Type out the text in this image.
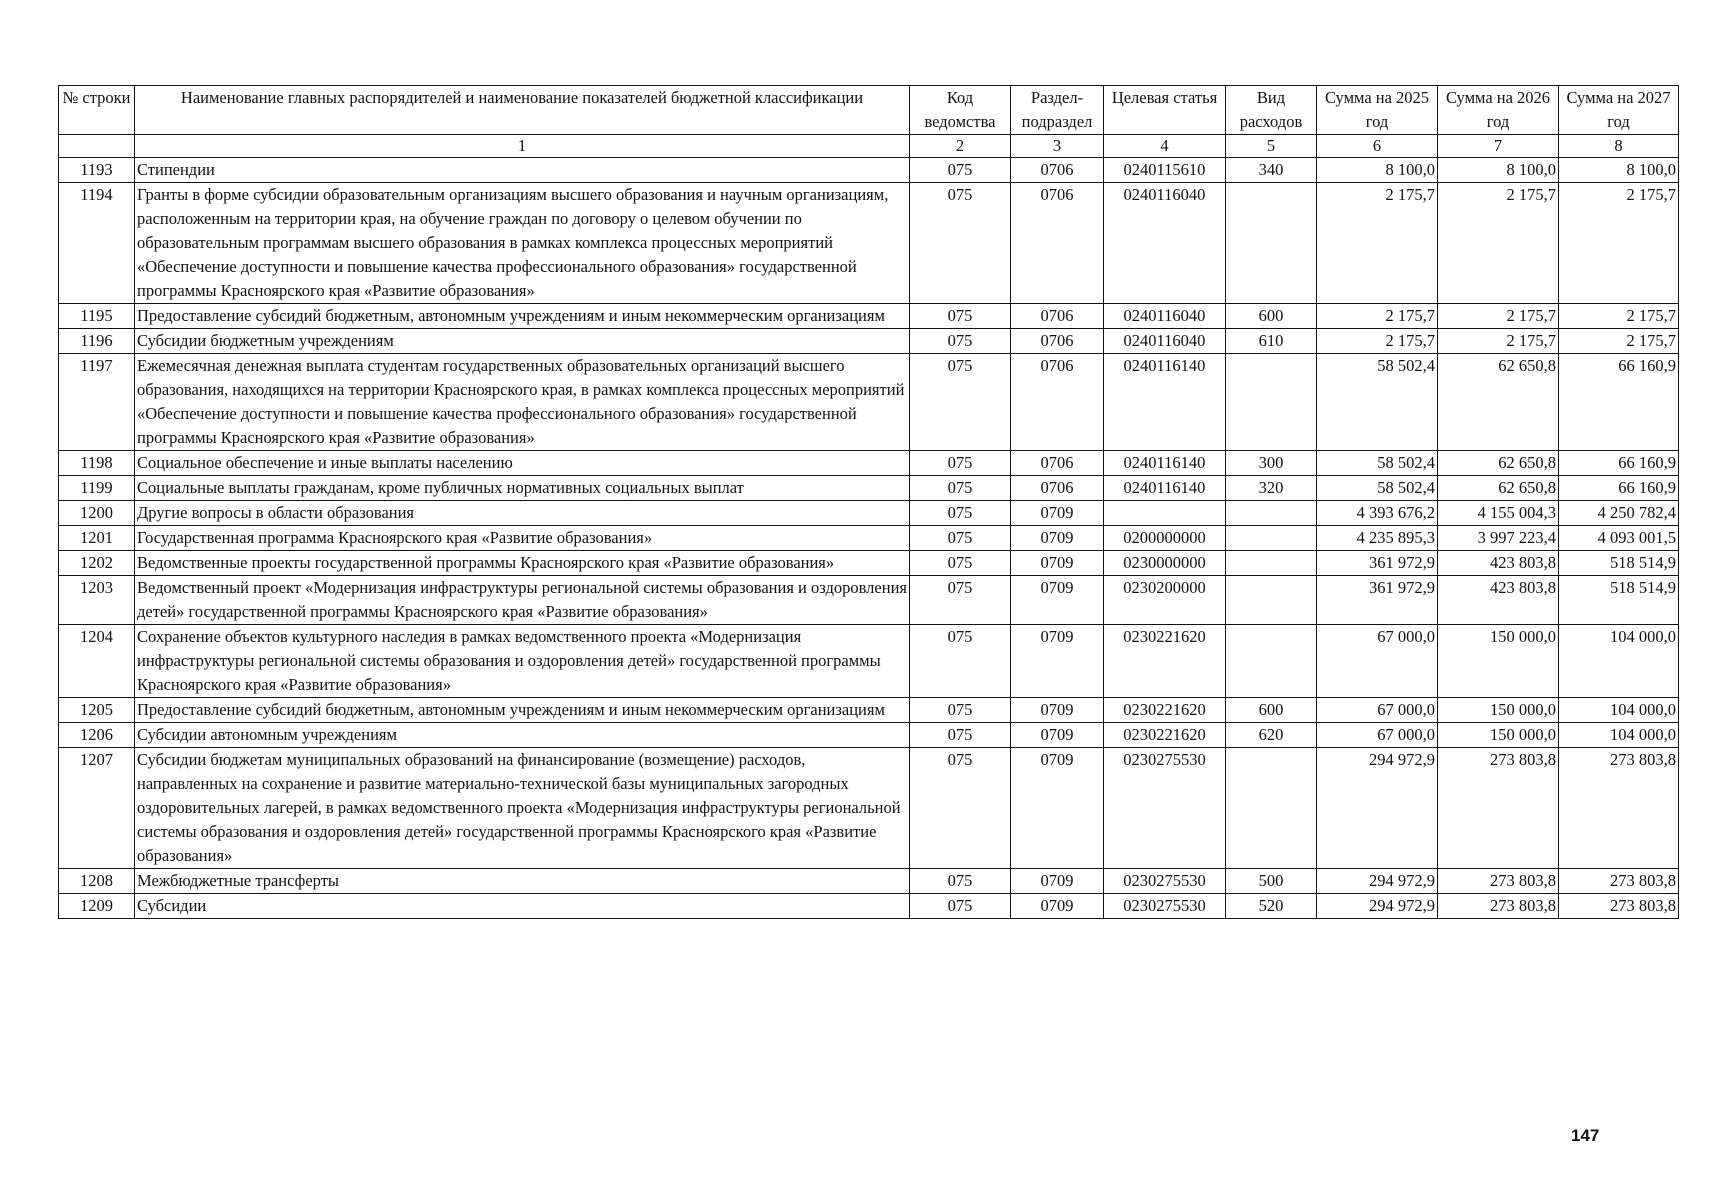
№ строки	Наименование главных распорядителей и наименование показателей бюджетной классификации	Код ведомства	Раздел-подраздел	Целевая статья	Вид расходов	Сумма на 2025 год	Сумма на 2026 год	Сумма на 2027 год
	1	2	3	4	5	6	7	8
1193	Стипендии	075	0706	0240115610	340	8 100,0	8 100,0	8 100,0
1194	Гранты в форме субсидии образовательным организациям высшего образования и научным организациям, расположенным на территории края, на обучение граждан по договору о целевом обучении по образовательным программам высшего образования в рамках комплекса процессных мероприятий «Обеспечение доступности и повышение качества профессионального образования» государственной программы Красноярского края «Развитие образования»	075	0706	0240116040		2 175,7	2 175,7	2 175,7
1195	Предоставление субсидий бюджетным, автономным учреждениям и иным некоммерческим организациям	075	0706	0240116040	600	2 175,7	2 175,7	2 175,7
1196	Субсидии бюджетным учреждениям	075	0706	0240116040	610	2 175,7	2 175,7	2 175,7
1197	Ежемесячная денежная выплата студентам государственных образовательных организаций высшего образования, находящихся на территории Красноярского края, в рамках комплекса процессных мероприятий «Обеспечение доступности и повышение качества профессионального образования» государственной программы Красноярского края «Развитие образования»	075	0706	0240116140		58 502,4	62 650,8	66 160,9
1198	Социальное обеспечение и иные выплаты населению	075	0706	0240116140	300	58 502,4	62 650,8	66 160,9
1199	Социальные выплаты гражданам, кроме публичных нормативных социальных выплат	075	0706	0240116140	320	58 502,4	62 650,8	66 160,9
1200	Другие вопросы в области образования	075	0709			4 393 676,2	4 155 004,3	4 250 782,4
1201	Государственная программа Красноярского края «Развитие образования»	075	0709	0200000000		4 235 895,3	3 997 223,4	4 093 001,5
1202	Ведомственные проекты государственной программы Красноярского края «Развитие образования»	075	0709	0230000000		361 972,9	423 803,8	518 514,9
1203	Ведомственный проект «Модернизация инфраструктуры региональной системы образования и оздоровления детей» государственной программы Красноярского края «Развитие образования»	075	0709	0230200000		361 972,9	423 803,8	518 514,9
1204	Сохранение объектов культурного наследия в рамках ведомственного проекта «Модернизация инфраструктуры региональной системы образования и оздоровления детей» государственной программы Красноярского края «Развитие образования»	075	0709	0230221620		67 000,0	150 000,0	104 000,0
1205	Предоставление субсидий бюджетным, автономным учреждениям и иным некоммерческим организациям	075	0709	0230221620	600	67 000,0	150 000,0	104 000,0
1206	Субсидии автономным учреждениям	075	0709	0230221620	620	67 000,0	150 000,0	104 000,0
1207	Субсидии бюджетам муниципальных образований на финансирование (возмещение) расходов, направленных на сохранение и развитие материально-технической базы муниципальных загородных оздоровительных лагерей, в рамках ведомственного проекта «Модернизация инфраструктуры региональной системы образования и оздоровления детей» государственной программы Красноярского края «Развитие образования»	075	0709	0230275530		294 972,9	273 803,8	273 803,8
1208	Межбюджетные трансферты	075	0709	0230275530	500	294 972,9	273 803,8	273 803,8
1209	Субсидии	075	0709	0230275530	520	294 972,9	273 803,8	273 803,8
147
